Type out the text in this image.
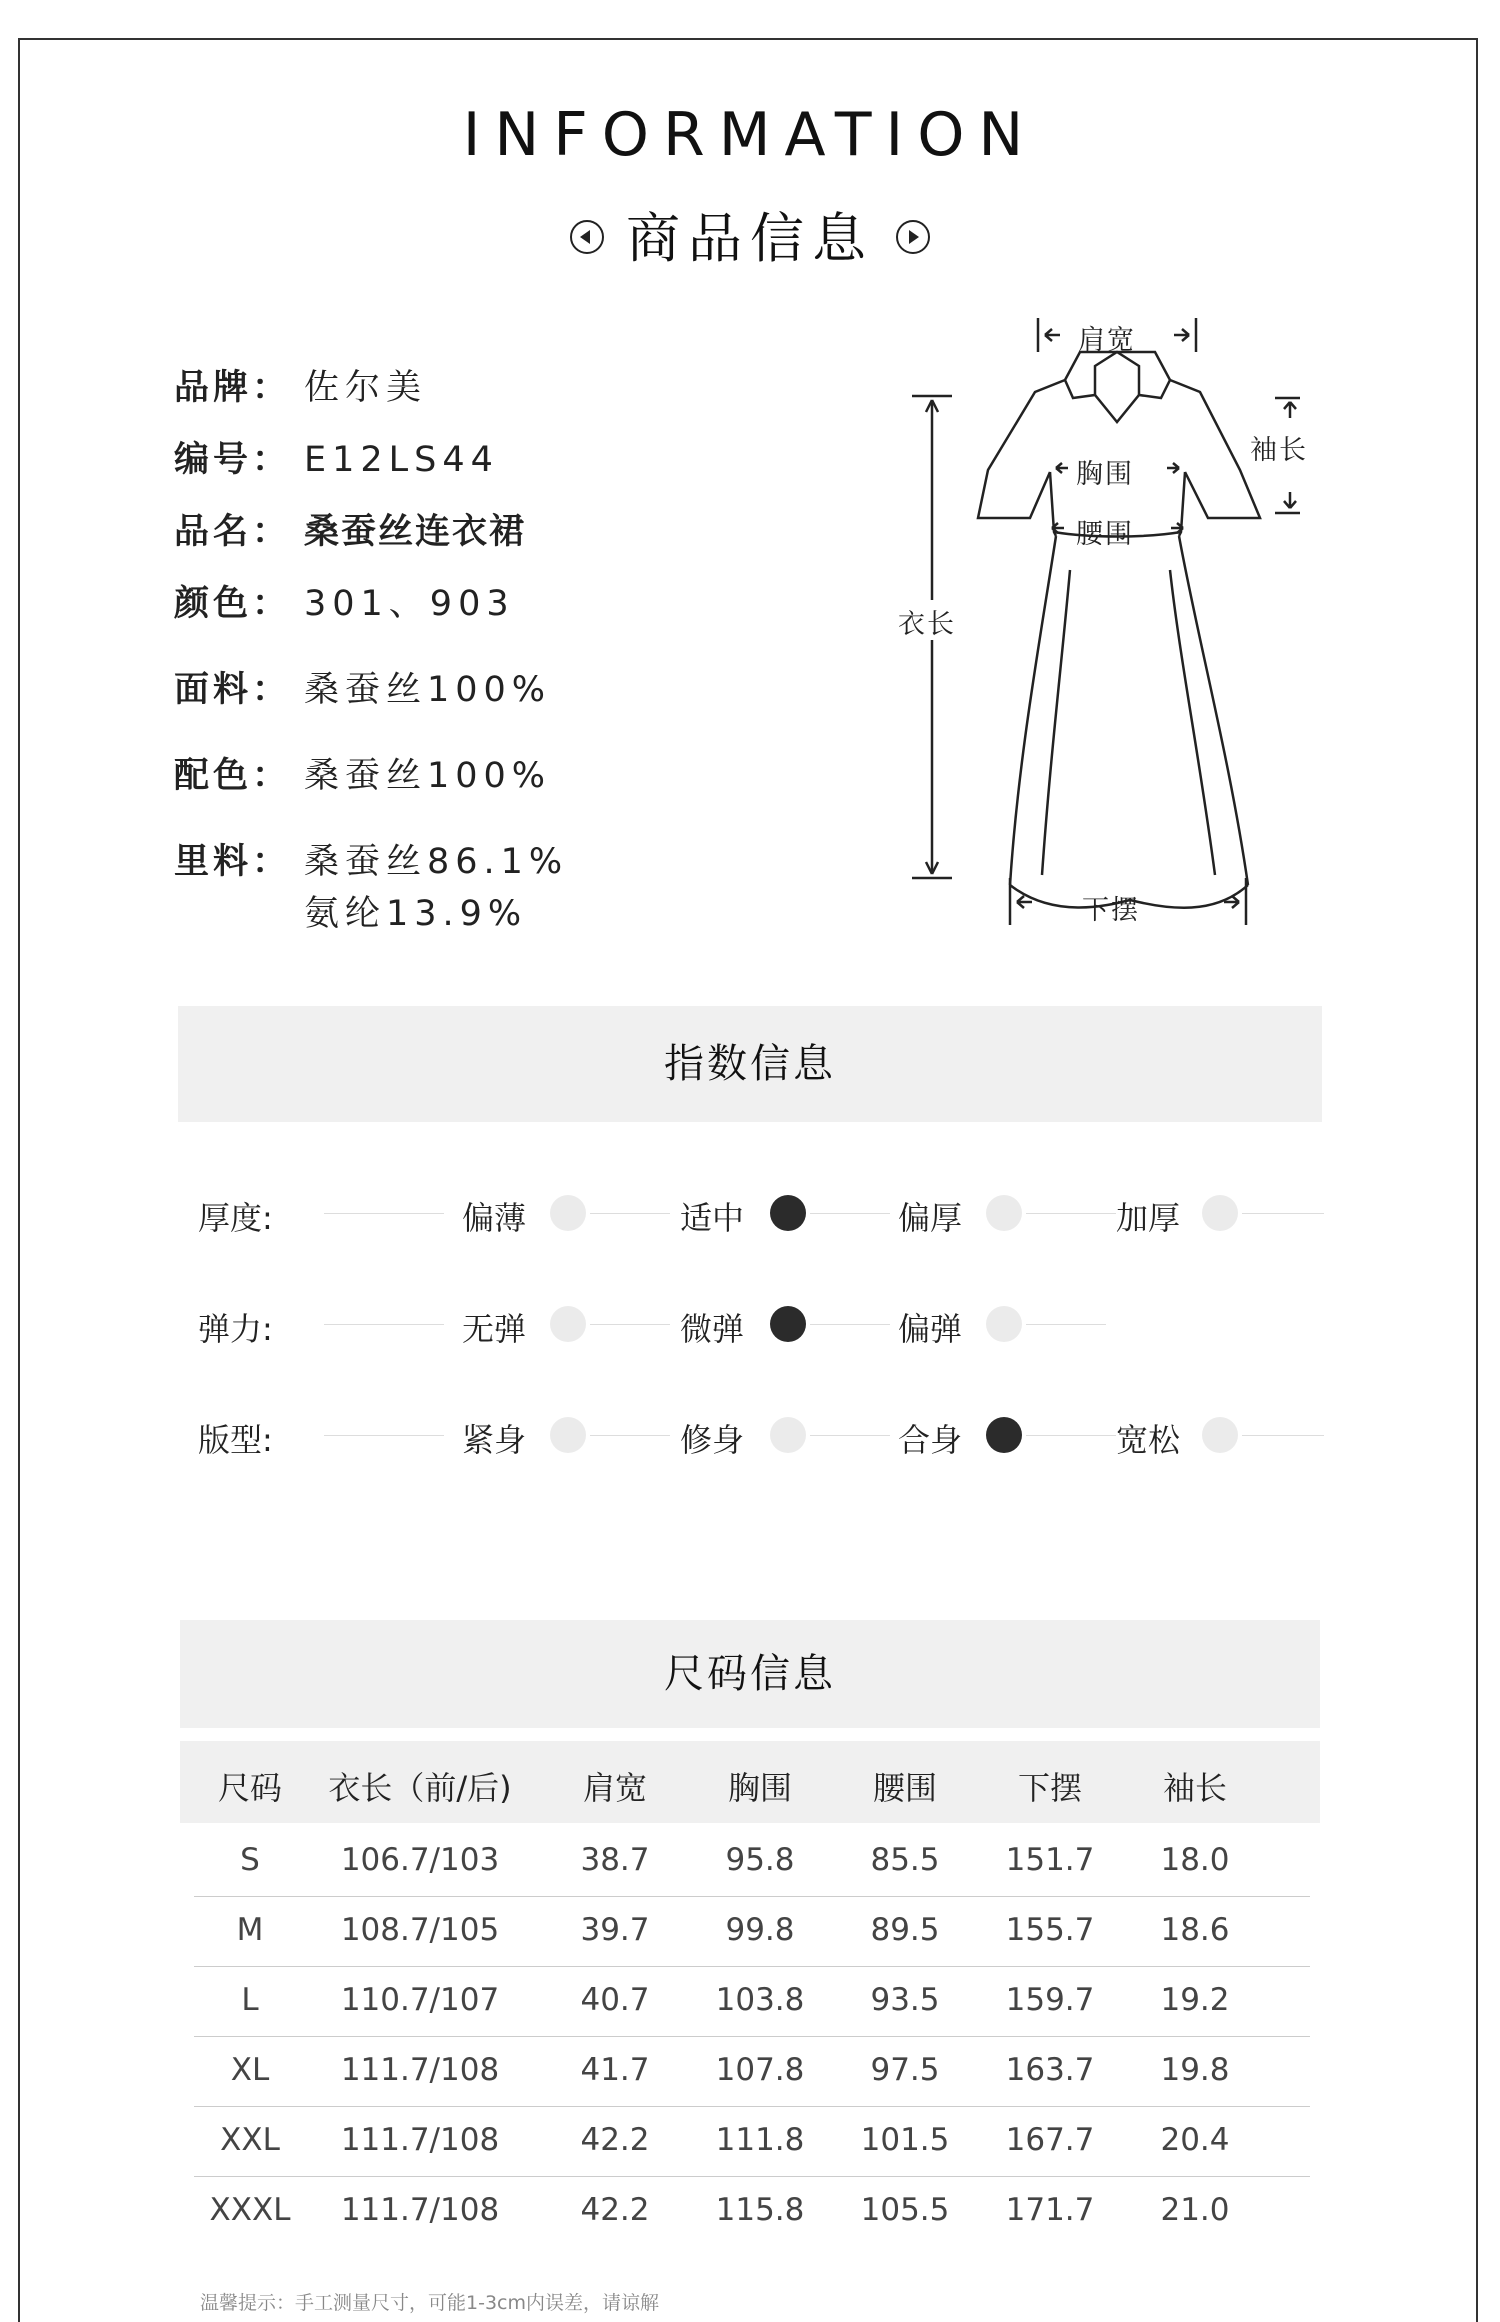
INFORMATION
商品信息
品牌： 佐尔美
编号： E12LS44
品名： 桑蚕丝连衣裙
颜色： 301、903
面料： 桑蚕丝100%
配色： 桑蚕丝100%
里料： 桑蚕丝86.1%
氨纶13.9%
肩宽
袖长
胸围
腰围
衣长
下摆
指数信息
厚度:	偏薄	适中	偏厚	加厚
弹力:	无弹	微弹	偏弹
版型:	紧身	修身	合身	宽松
尺码信息
尺码	衣长（前/后)	肩宽	胸围	腰围	下摆	袖长
S	106.7/103	38.7	95.8	85.5	151.7	18.0
M	108.7/105	39.7	99.8	89.5	155.7	18.6
L	110.7/107	40.7	103.8	93.5	159.7	19.2
XL	111.7/108	41.7	107.8	97.5	163.7	19.8
XXL	111.7/108	42.2	111.8	101.5	167.7	20.4
XXXL	111.7/108	42.2	115.8	105.5	171.7	21.0
温馨提示：手工测量尺寸，可能1-3cm内误差，请谅解
